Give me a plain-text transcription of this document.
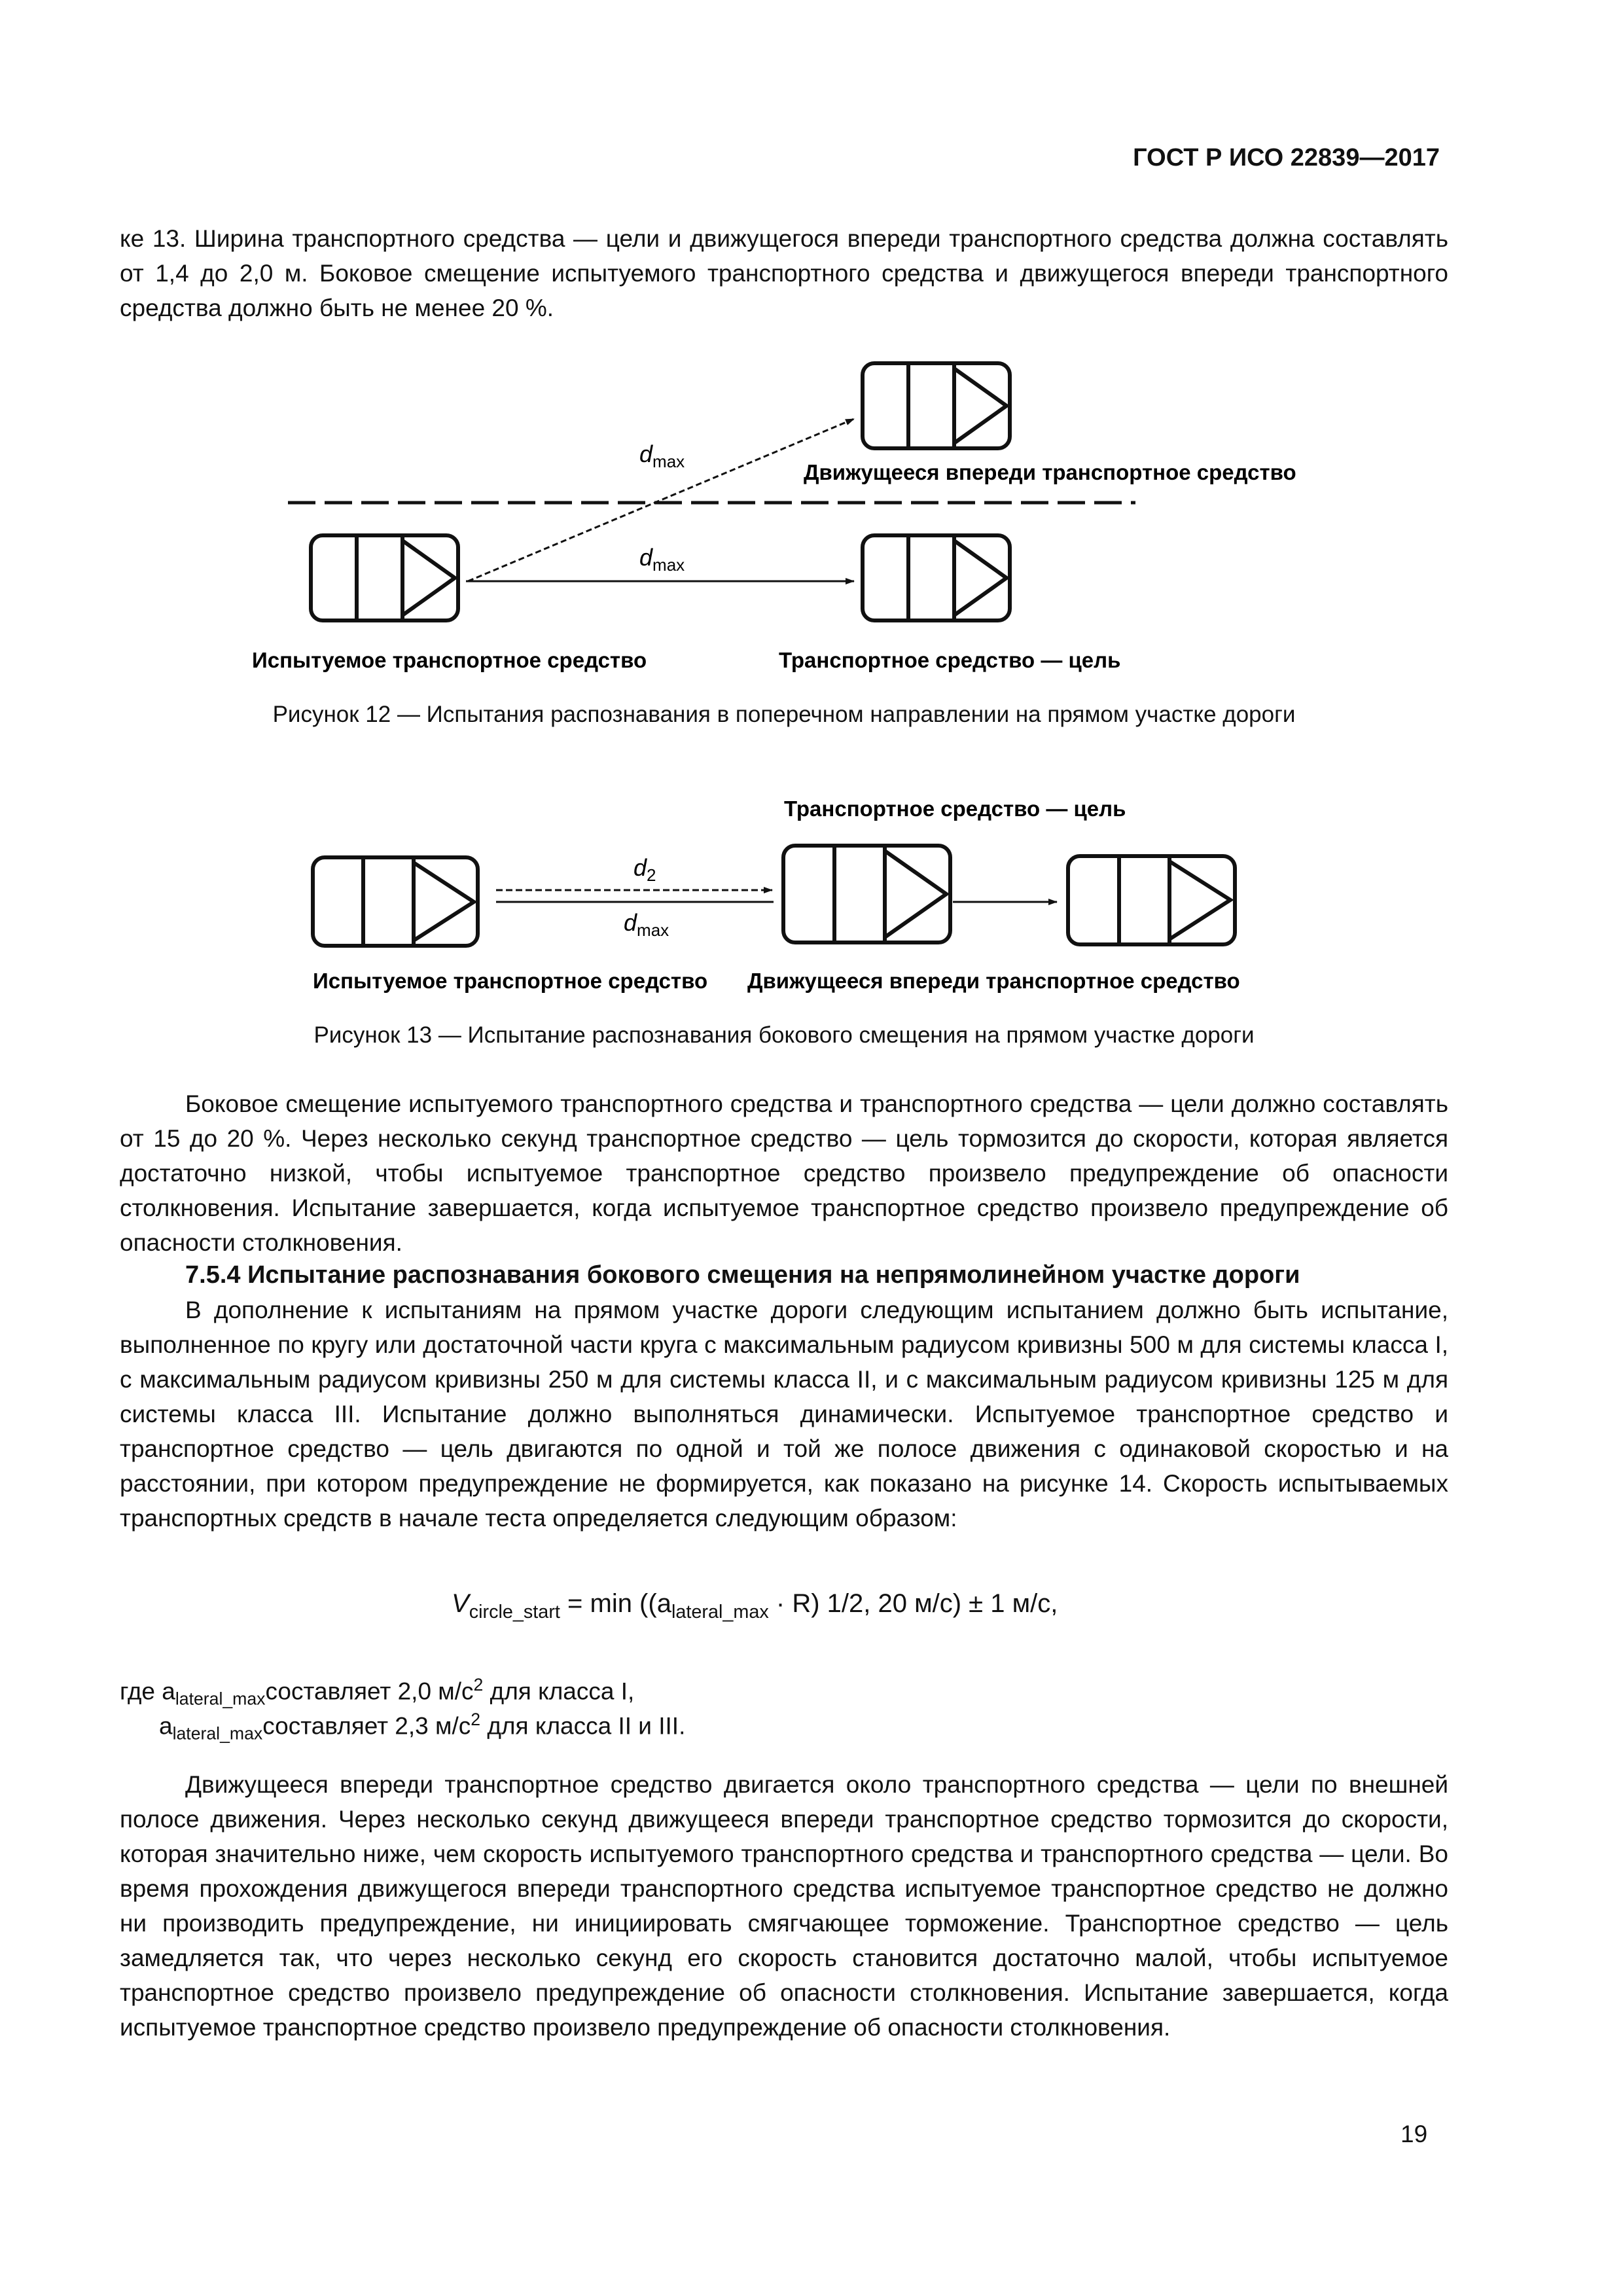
ГОСТ Р ИСО 22839—2017
ке 13. Ширина транспортного средства — цели и движущегося впереди транспортного средства должна составлять от 1,4 до 2,0 м. Боковое смещение испытуемого транспортного средства и движущегося впереди транспортного средства должно быть не менее 20 %.
$d_{max}$	Движущееся впереди транспортное средство
$d_{max}$
Испытуемое транспортное средство	Транспортное средство — цель
Рисунок 12 — Испытания распознавания в поперечном направлении на прямом участке дороги
Транспортное средство — цель
$d_2$
$d_{max}$
Испытуемое транспортное средство Движущееся впереди транспортное средство
Рисунок 13 — Испытание распознавания бокового смещения на прямом участке дороги
Боковое смещение испытуемого транспортного средства и транспортного средства — цели должно составлять от 15 до 20 %. Через несколько секунд транспортное средство — цель тормозится до скорости, которая является достаточно низкой, чтобы испытуемое транспортное средство произвело предупреждение об опасности столкновения. Испытание завершается, когда испытуемое транспортное средство произвело предупреждение об опасности столкновения.
7.5.4 Испытание распознавания бокового смещения на непрямолинейном участке дороги
В дополнение к испытаниям на прямом участке дороги следующим испытанием должно быть испытание, выполненное по кругу или достаточной части круга с максимальным радиусом кривизны 500 м для системы класса I, с максимальным радиусом кривизны 250 м для системы класса II, и с максимальным радиусом кривизны 125 м для системы класса III. Испытание должно выполняться динамически. Испытуемое транспортное средство и транспортное средство — цель двигаются по одной и той же полосе движения с одинаковой скоростью и на расстоянии, при котором предупреждение не формируется, как показано на рисунке 14. Скорость испытываемых транспортных средств в начале теста определяется следующим образом:
$V_{circle\_start} = \min ((a_{lateral\_max} \cdot R)$ 1/2, 20 м/с) ± 1 м/с,
где $a_{lateral\_max}составляет$ 2,0 $м/с^2$ для класса I,
$a_{lateral\_max}составляет$ 2,3 $м/с^2$ для класса II и III.
Движущееся впереди транспортное средство двигается около транспортного средства — цели по внешней полосе движения. Через несколько секунд движущееся впереди транспортное средство тормозится до скорости, которая значительно ниже, чем скорость испытуемого транспортного средства и транспортного средства — цели. Во время прохождения движущегося впереди транспортного средства испытуемое транспортное средство не должно ни производить предупреждение, ни инициировать смягчающее торможение. Транспортное средство — цель замедляется так, что через несколько секунд его скорость становится достаточно малой, чтобы испытуемое транспортное средство произвело предупреждение об опасности столкновения. Испытание завершается, когда испытуемое транспортное средство произвело предупреждение об опасности столкновения.
19
